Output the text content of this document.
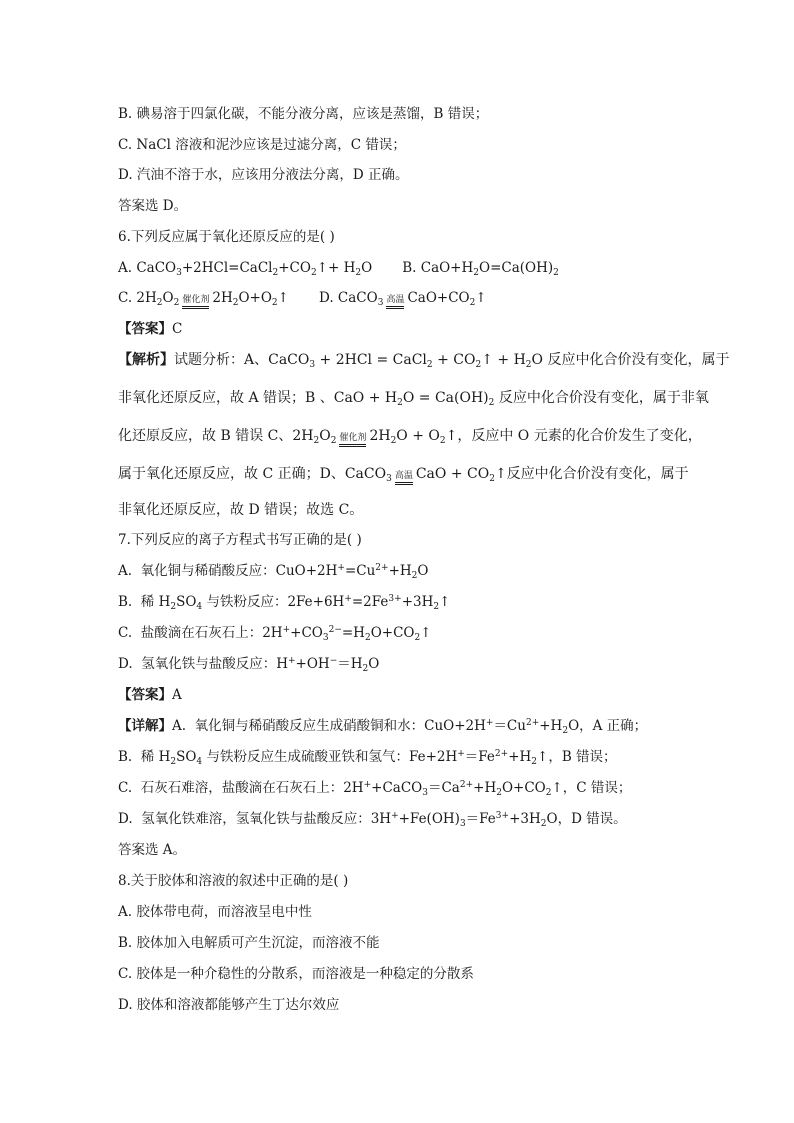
B. 碘易溶于四氯化碳，不能分液分离，应该是蒸馏，B 错误；
C. NaCl 溶液和泥沙应该是过滤分离，C 错误；
D. 汽油不溶于水，应该用分液法分离，D 正确。
答案选 D。
6.下列反应属于氧化还原反应的是( )
A. $CaCO_3+2HCl=CaCl_2+CO_2↑+ H_2O$       B. $CaO+H_2O=Ca(OH)_2$
C. $2H_2O_2$ 催化剂 $2H_2O+O_2↑$       D. CaCO$_3$ 高温 $CaO+CO_2↑$
【答案】C
【解析】试题分析：A、CaCO$_3$ + 2HCl = CaCl$_2$ + $CO_2↑ + H_2O$ 反应中化合价没有变化，属于
非氧化还原反应，故 A 错误；B 、CaO + $H_2O = Ca(OH)_2$ 反应中化合价没有变化，属于非氧
化还原反应，故 B 错误 C、$2H_2O_2$ 催化剂 $2H_2O$ + $O_2↑$，反应中 O 元素的化合价发生了变化，
属于氧化还原反应，故 C 正确；D、CaCO$_3$ 高温 CaO + $CO_2↑$反应中化合价没有变化，属于
非氧化还原反应，故 D 错误；故选 C。
7.下列反应的离子方程式书写正确的是( )
A.  氧化铜与稀硝酸反应：$CuO+2H^+=Cu^{2+}+H_2O$
B.  稀 $H_2SO_4$ 与铁粉反应：$2Fe+6H^+=2Fe^{3+}+3H_2↑$
C.  盐酸滴在石灰石上：$2H^++CO_3^{2-}=H_2O+CO_2↑$
D.  氢氧化铁与盐酸反应：$H^++OH^-=H_2O$
【答案】A
【详解】A.  氧化铜与稀硝酸反应生成硝酸铜和水：$CuO+2H^+=Cu^{2+}+H_2O$，A 正确；
B.  稀 $H_2SO_4$ 与铁粉反应生成硫酸亚铁和氢气：$Fe+2H^+=Fe^{2+}+H_2↑$，B 错误；
C.  石灰石难溶，盐酸滴在石灰石上：$2H^++CaCO_3=Ca^{2+}+H_2O+CO_2↑$，C 错误；
D.  氢氧化铁难溶，氢氧化铁与盐酸反应：$3H^++Fe(OH)_3=Fe^{3+}+3H_2O$，D 错误。
答案选 A。
8.关于胶体和溶液的叙述中正确的是( )
A. 胶体带电荷，而溶液呈电中性
B. 胶体加入电解质可产生沉淀，而溶液不能
C. 胶体是一种介稳性的分散系，而溶液是一种稳定的分散系
D. 胶体和溶液都能够产生丁达尔效应
